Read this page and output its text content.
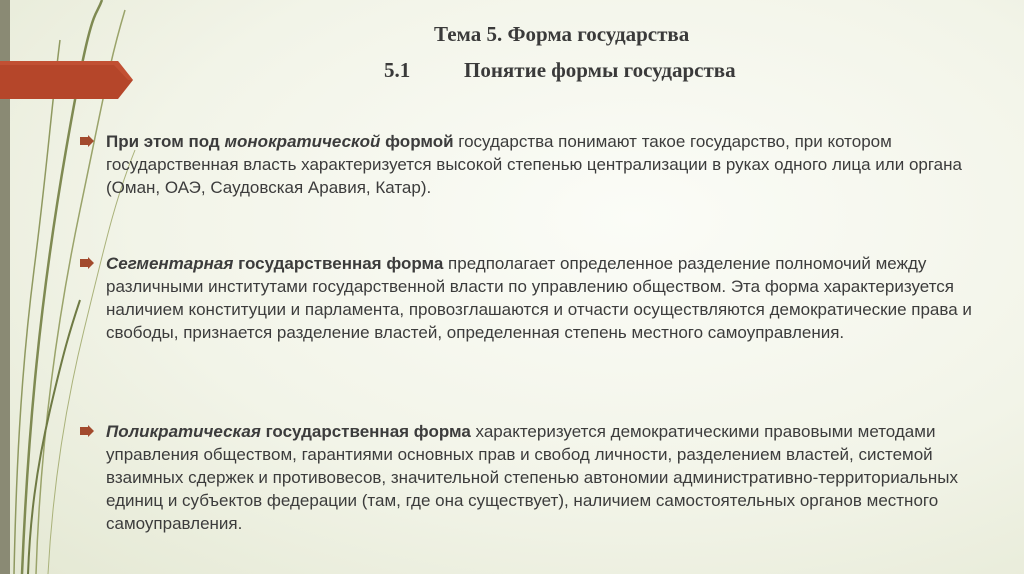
Тема 5. Форма государства
5.1	Понятие формы государства
При этом под монократической формой государства понимают такое государство, при котором государственная власть характеризуется высокой степенью централизации в руках одного лица или органа (Оман, ОАЭ, Саудовская Аравия, Катар).
Сегментарная государственная форма предполагает определенное разделение полномочий между различными институтами государственной власти по управлению обществом. Эта форма характеризуется наличием конституции и парламента, провозглашаются и отчасти осуществляются демократические права и свободы, признается разделение властей, определенная степень местного самоуправления.
Поликратическая государственная форма характеризуется демократическими правовыми методами управления обществом, гарантиями основных прав и свобод личности, разделением властей, системой взаимных сдержек и противовесов, значительной степенью автономии административно-территориальных единиц и субъектов федерации (там, где она существует), наличием самостоятельных органов местного самоуправления.
